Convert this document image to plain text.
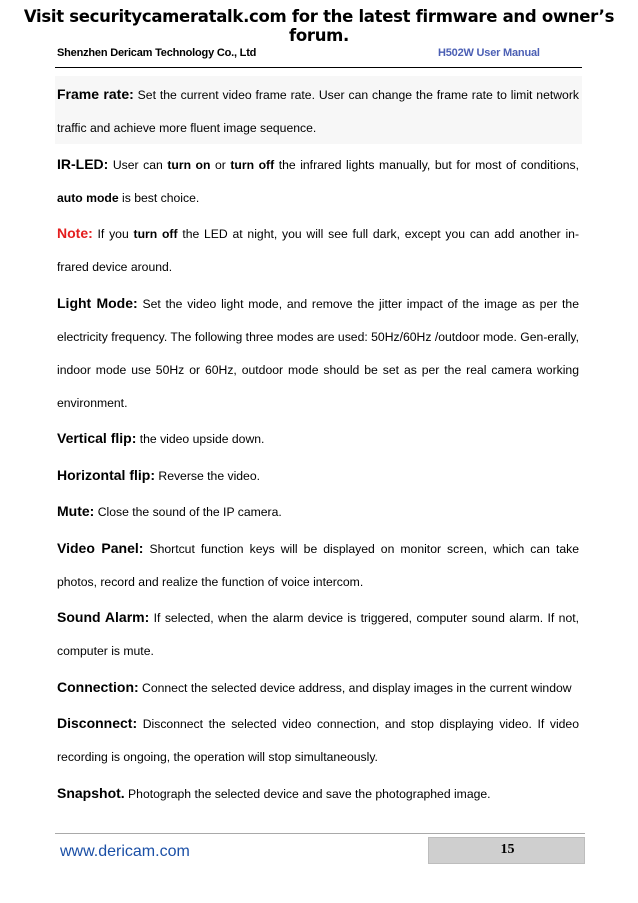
Visit securitycameratalk.com for the latest firmware and owner’s forum.
Shenzhen Dericam Technology Co., Ltd	H502W User Manual

Frame rate: Set the current video frame rate. User can change the frame rate to limit network traffic and achieve more fluent image sequence.

IR-LED: User can turn on or turn off the infrared lights manually, but for most of conditions, auto mode is best choice.

Note: If you turn off the LED at night, you will see full dark, except you can add another in-frared device around.

Light Mode: Set the video light mode, and remove the jitter impact of the image as per the electricity frequency. The following three modes are used: 50Hz/60Hz /outdoor mode. Gen-erally, indoor mode use 50Hz or 60Hz, outdoor mode should be set as per the real camera working environment.

Vertical flip: the video upside down.

Horizontal flip: Reverse the video.

Mute: Close the sound of the IP camera.

Video Panel: Shortcut function keys will be displayed on monitor screen, which can take photos, record and realize the function of voice intercom.

Sound Alarm: If selected, when the alarm device is triggered, computer sound alarm. If not, computer is mute.

Connection: Connect the selected device address, and display images in the current window

Disconnect: Disconnect the selected video connection, and stop displaying video. If video recording is ongoing, the operation will stop simultaneously.

Snapshot. Photograph the selected device and save the photographed image.

www.dericam.com	15
